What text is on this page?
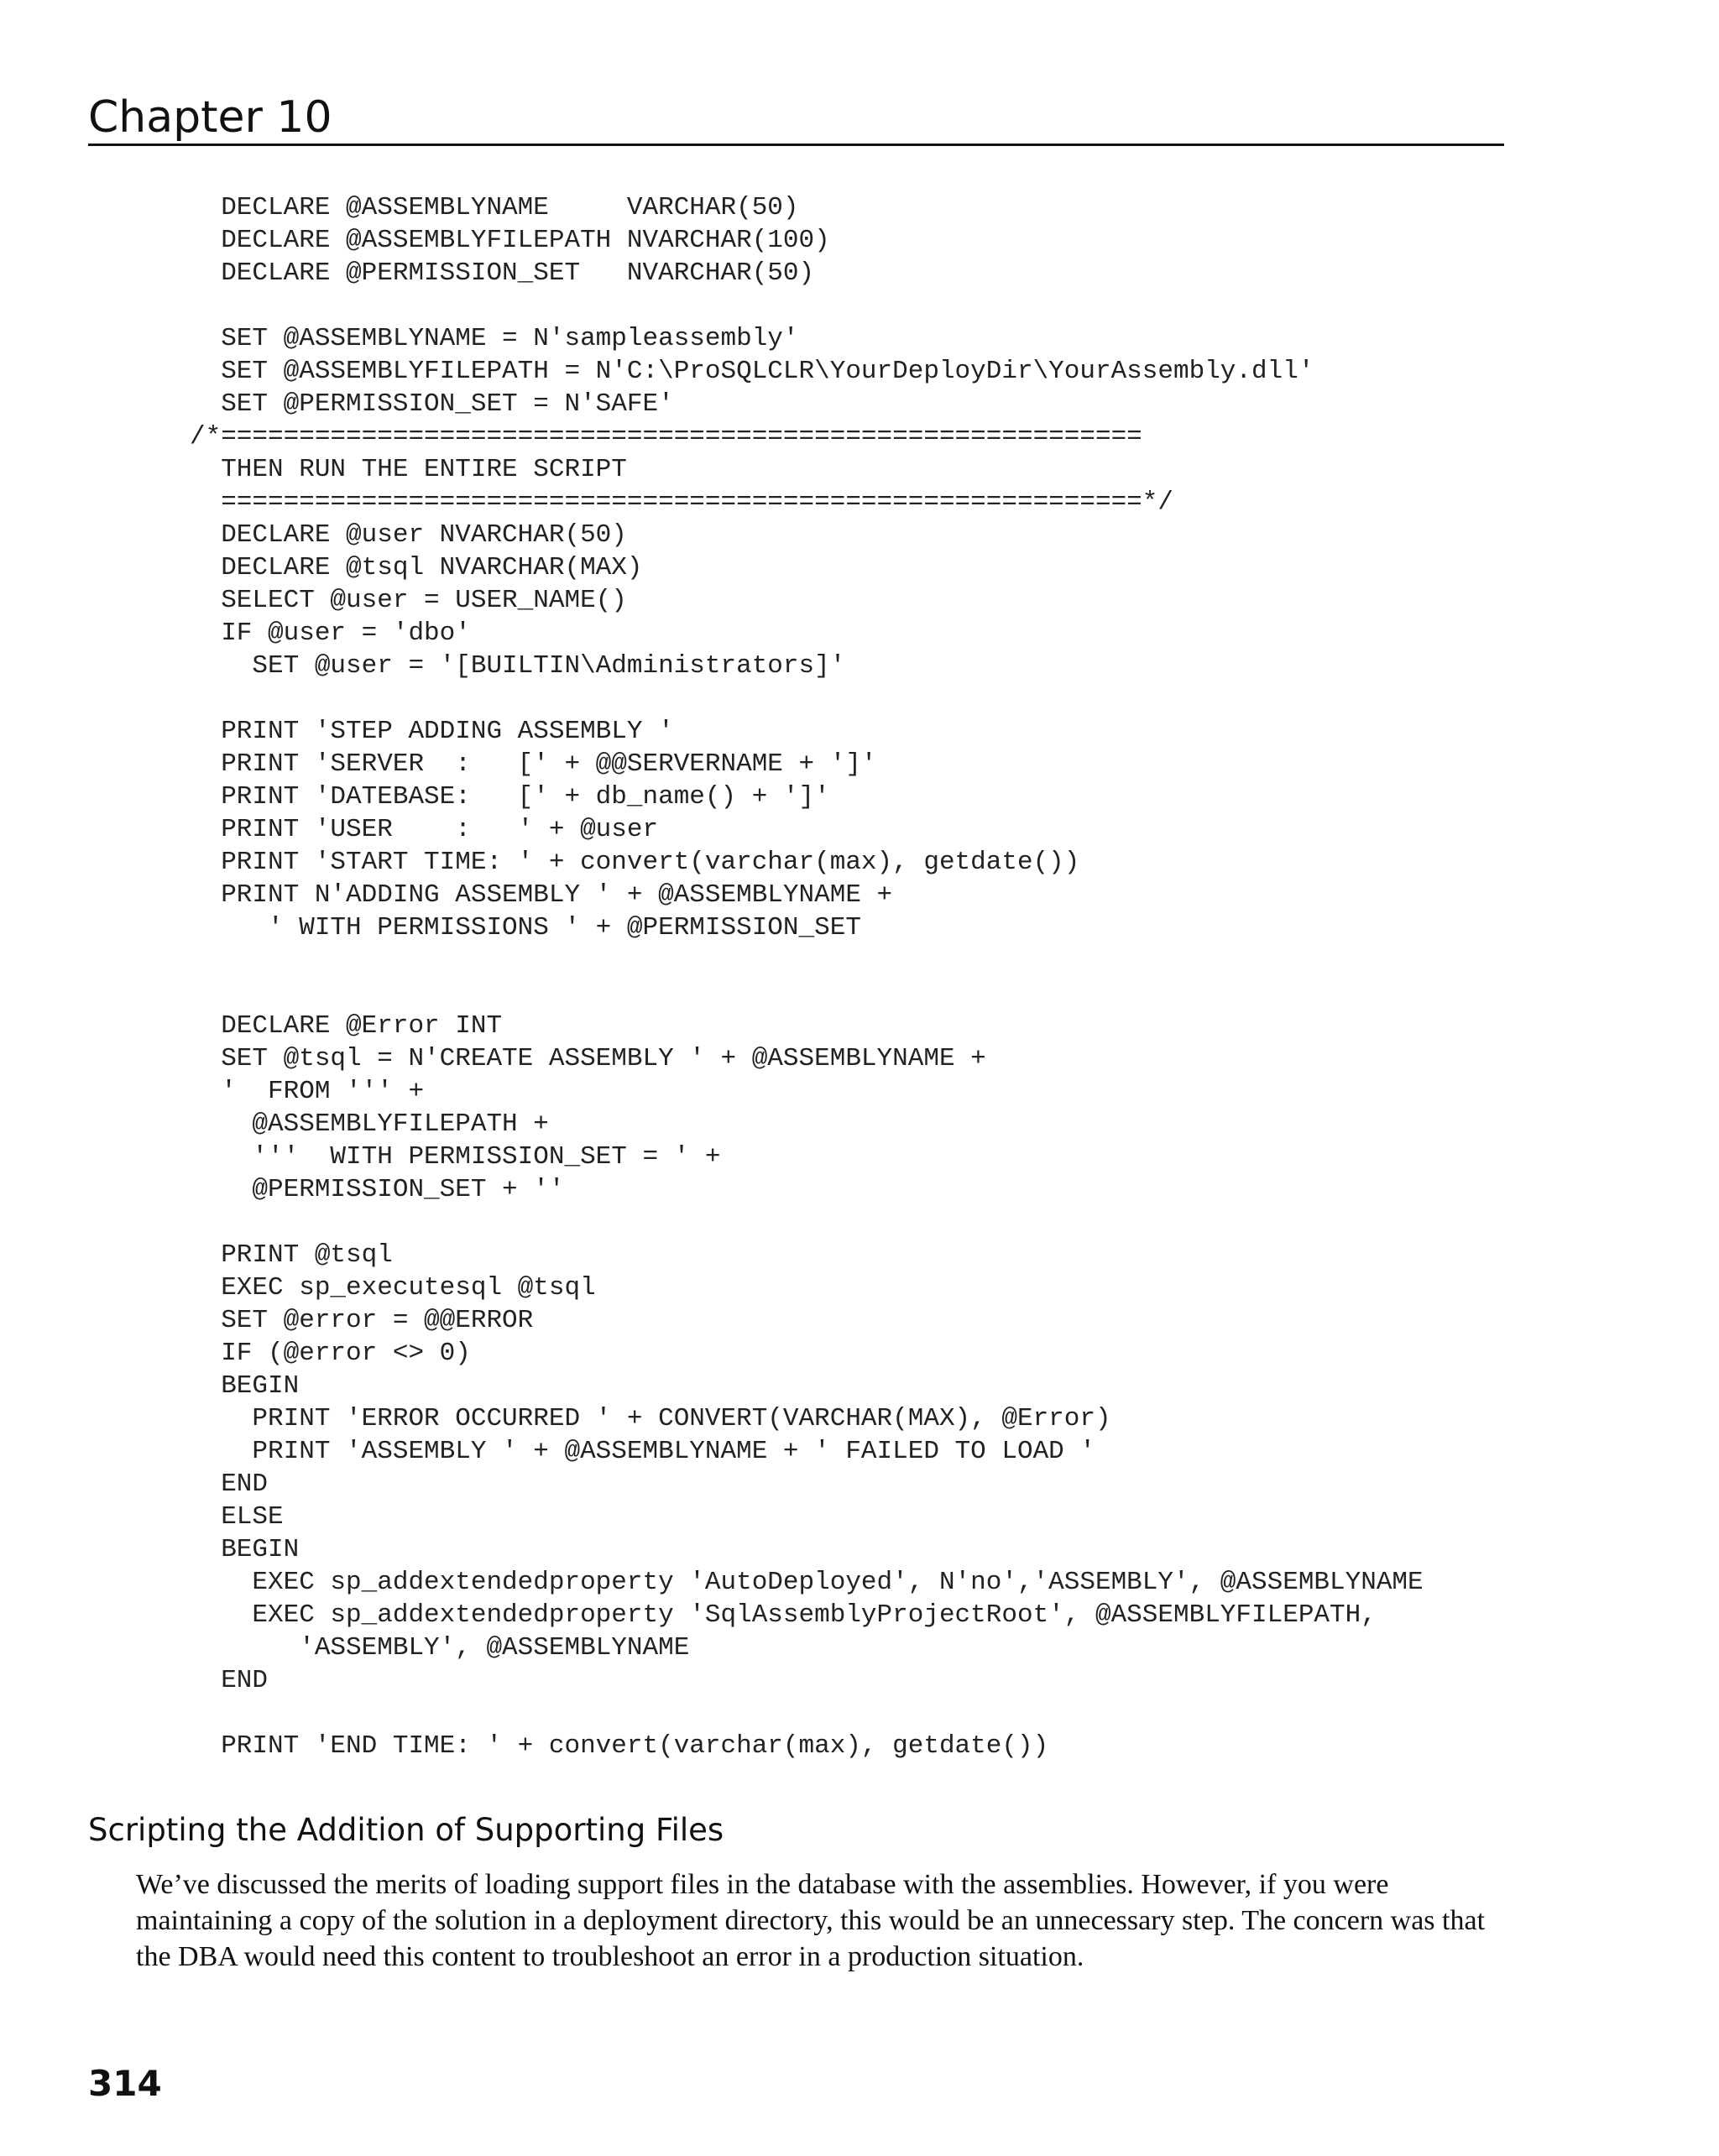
Chapter 10
DECLARE @ASSEMBLYNAME     VARCHAR(50)
DECLARE @ASSEMBLYFILEPATH NVARCHAR(100)
DECLARE @PERMISSION_SET   NVARCHAR(50)
SET @ASSEMBLYNAME = N'sampleassembly'
SET @ASSEMBLYFILEPATH = N'C:\ProSQLCLR\YourDeployDir\YourAssembly.dll'
SET @PERMISSION_SET = N'SAFE'
/*===========================================================
THEN RUN THE ENTIRE SCRIPT
===========================================================*/
DECLARE @user NVARCHAR(50)
DECLARE @tsql NVARCHAR(MAX)
SELECT @user = USER_NAME()
IF @user = 'dbo'
SET @user = '[BUILTIN\Administrators]'
PRINT 'STEP ADDING ASSEMBLY '
PRINT 'SERVER  :   [' + @@SERVERNAME + ']'
PRINT 'DATEBASE:   [' + db_name() + ']'
PRINT 'USER    :   ' + @user
PRINT 'START TIME: ' + convert(varchar(max), getdate())
PRINT N'ADDING ASSEMBLY ' + @ASSEMBLYNAME +
' WITH PERMISSIONS ' + @PERMISSION_SET
DECLARE @Error INT
SET @tsql = N'CREATE ASSEMBLY ' + @ASSEMBLYNAME +
'  FROM ''' +
@ASSEMBLYFILEPATH +
'''  WITH PERMISSION_SET = ' +
@PERMISSION_SET + ''
PRINT @tsql
EXEC sp_executesql @tsql
SET @error = @@ERROR
IF (@error <> 0)
BEGIN
PRINT 'ERROR OCCURRED ' + CONVERT(VARCHAR(MAX), @Error)
PRINT 'ASSEMBLY ' + @ASSEMBLYNAME + ' FAILED TO LOAD '
END
ELSE
BEGIN
EXEC sp_addextendedproperty 'AutoDeployed', N'no','ASSEMBLY', @ASSEMBLYNAME
EXEC sp_addextendedproperty 'SqlAssemblyProjectRoot', @ASSEMBLYFILEPATH,
'ASSEMBLY', @ASSEMBLYNAME
END
PRINT 'END TIME: ' + convert(varchar(max), getdate())
Scripting the Addition of Supporting Files

We’ve discussed the merits of loading support files in the database with the assemblies. However, if you were maintaining a copy of the solution in a deployment directory, this would be an unnecessary step. The concern was that the DBA would need this content to troubleshoot an error in a production situation.

314
